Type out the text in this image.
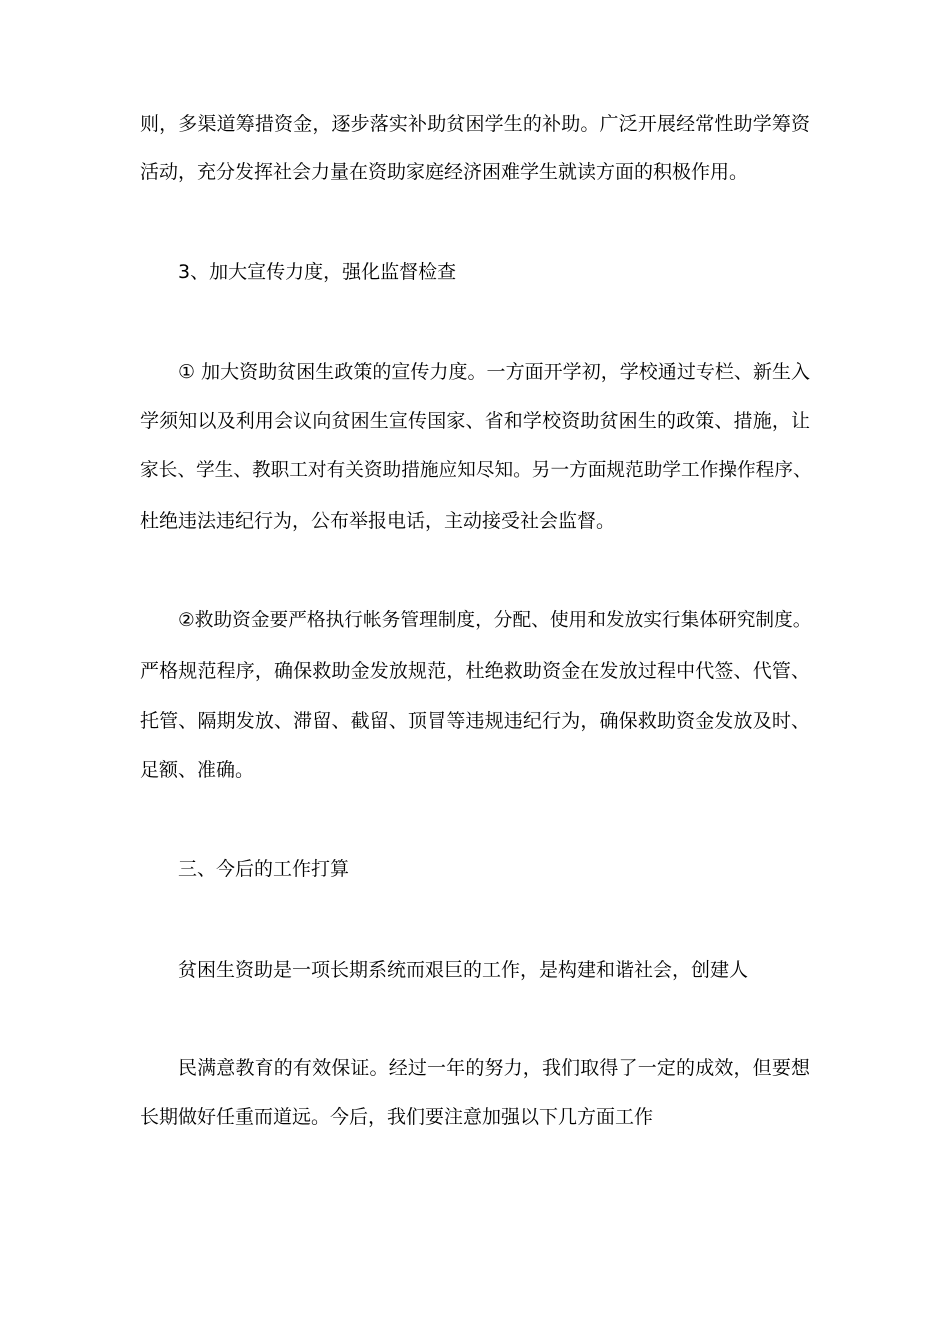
则，多渠道筹措资金，逐步落实补助贫困学生的补助。广泛开展经常性助学筹资
活动，充分发挥社会力量在资助家庭经济困难学生就读方面的积极作用。
3、加大宣传力度，强化监督检查
① 加大资助贫困生政策的宣传力度。一方面开学初，学校通过专栏、新生入
学须知以及利用会议向贫困生宣传国家、省和学校资助贫困生的政策、措施，让
家长、学生、教职工对有关资助措施应知尽知。另一方面规范助学工作操作程序、
杜绝违法违纪行为，公布举报电话，主动接受社会监督。
②救助资金要严格执行帐务管理制度，分配、使用和发放实行集体研究制度。
严格规范程序，确保救助金发放规范，杜绝救助资金在发放过程中代签、代管、
托管、隔期发放、滞留、截留、顶冒等违规违纪行为，确保救助资金发放及时、
足额、准确。
三、今后的工作打算
贫困生资助是一项长期系统而艰巨的工作，是构建和谐社会，创建人
民满意教育的有效保证。经过一年的努力，我们取得了一定的成效，但要想
长期做好任重而道远。今后，我们要注意加强以下几方面工作
